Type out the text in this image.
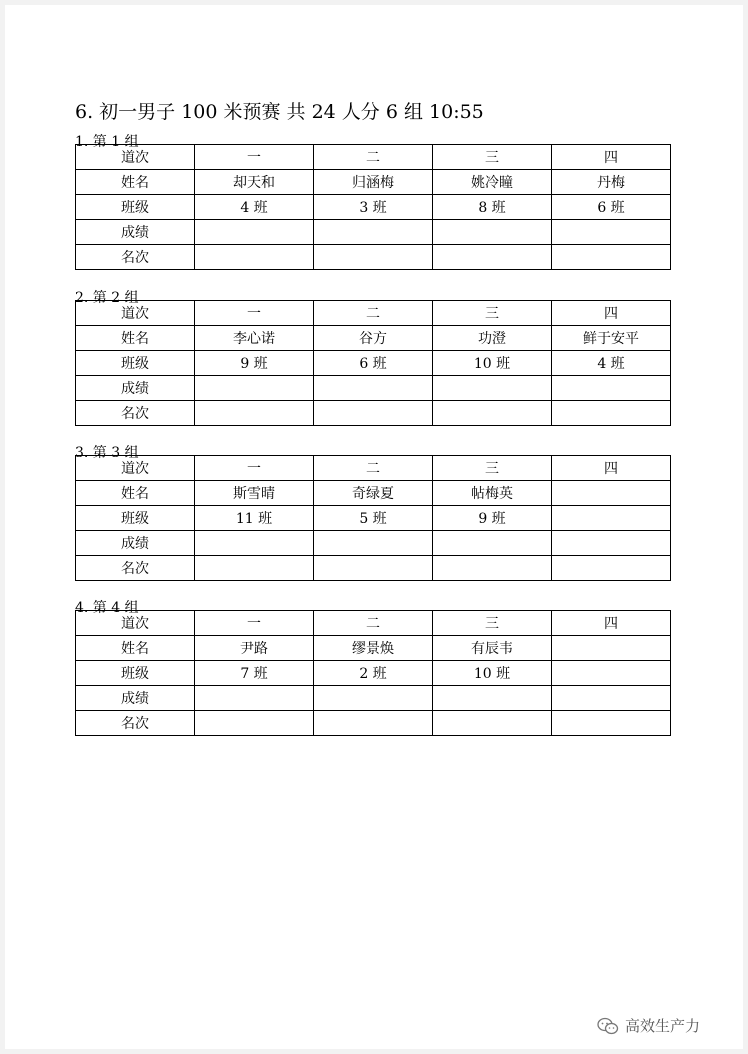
6. 初一男子 100 米预赛 共 24 人分 6 组 10:55
1. 第 1 组
道次	一	二	三	四
姓名	却天和	归涵梅	姚冷瞳	丹梅
班级	4 班	3 班	8 班	6 班
成绩				
名次				
2. 第 2 组
道次	一	二	三	四
姓名	李心诺	谷方	功澄	鲜于安平
班级	9 班	6 班	10 班	4 班
成绩				
名次				
3. 第 3 组
道次	一	二	三	四
姓名	斯雪晴	奇绿夏	帖梅英	
班级	11 班	5 班	9 班	
成绩				
名次				
4. 第 4 组
道次	一	二	三	四
姓名	尹路	缪景焕	有辰韦	
班级	7 班	2 班	10 班	
成绩				
名次				
高效生产力
